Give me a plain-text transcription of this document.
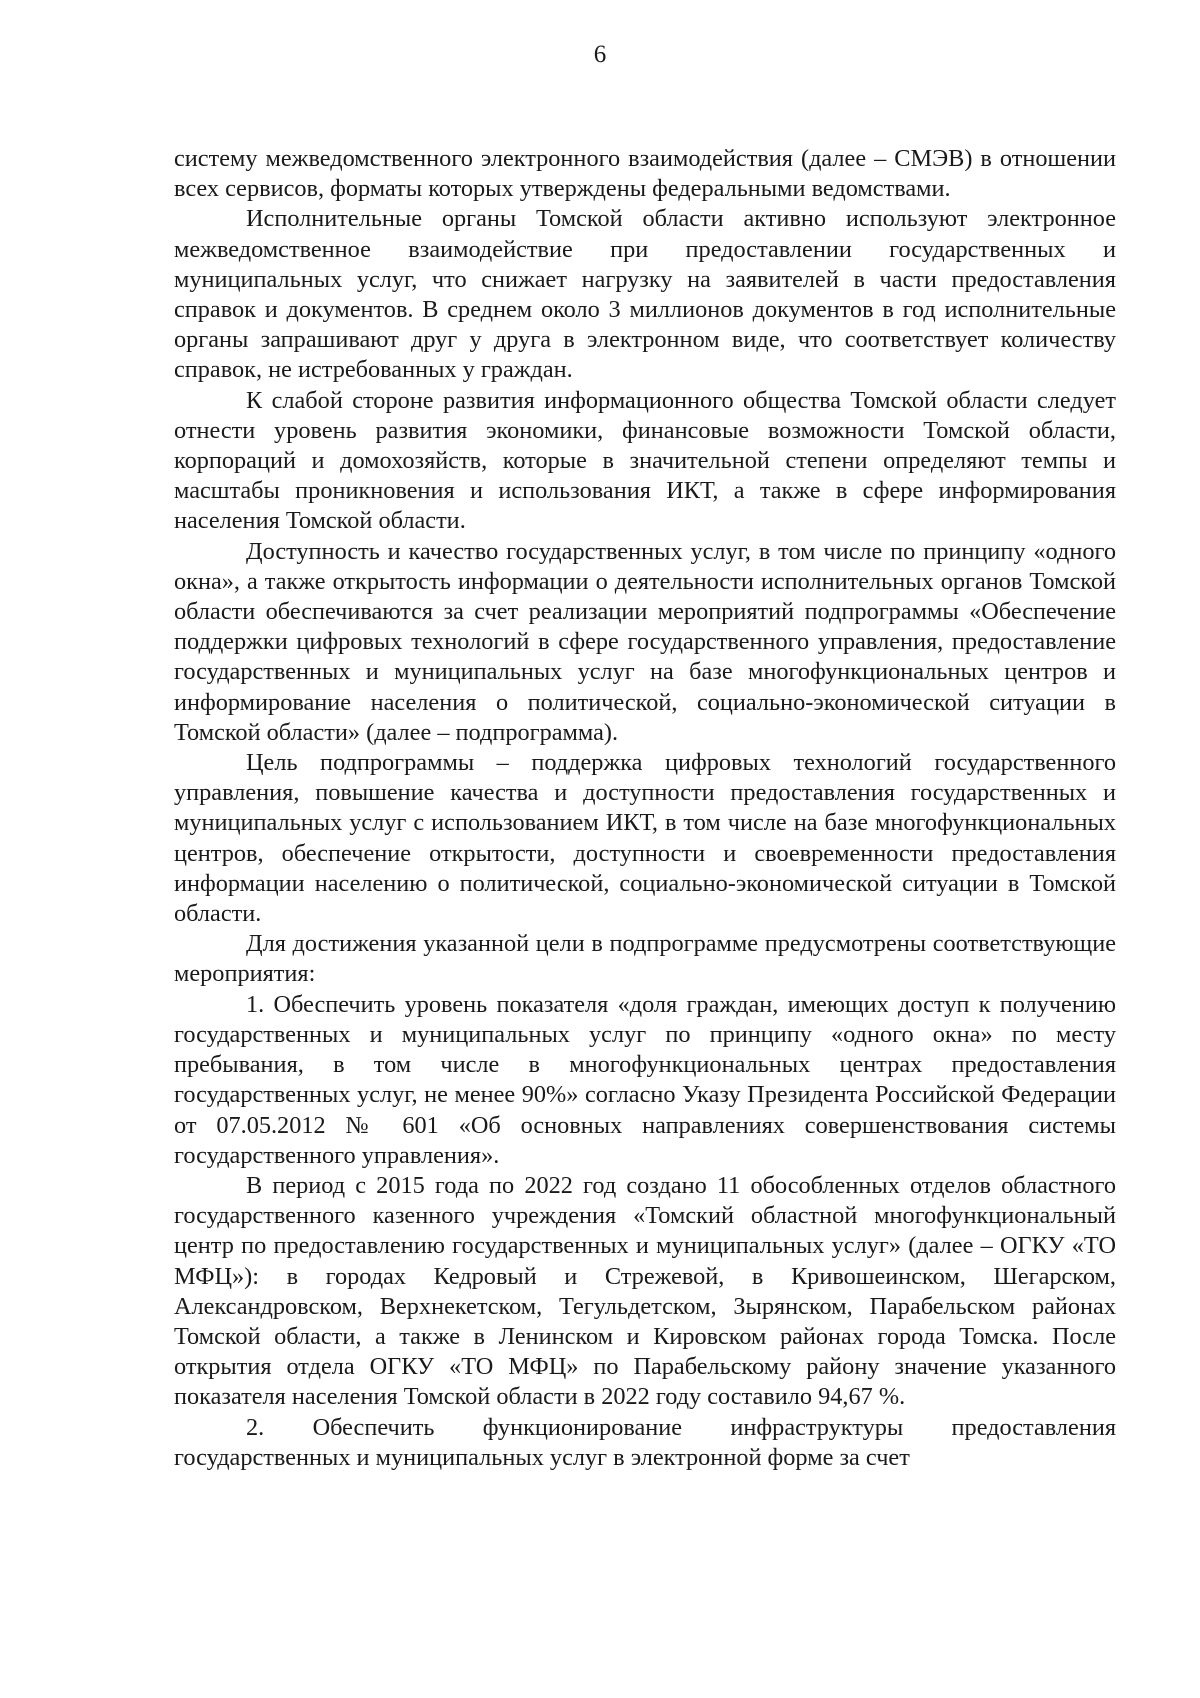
6

систему межведомственного электронного взаимодействия (далее – СМЭВ) в отношении всех сервисов, форматы которых утверждены федеральными ведомствами.

Исполнительные органы Томской области активно используют электронное межведомственное взаимодействие при предоставлении государственных и муниципальных услуг, что снижает нагрузку на заявителей в части предоставления справок и документов. В среднем около 3 миллионов документов в год исполнительные органы запрашивают друг у друга в электронном виде, что соответствует количеству справок, не истребованных у граждан.

К слабой стороне развития информационного общества Томской области следует отнести уровень развития экономики, финансовые возможности Томской области, корпораций и домохозяйств, которые в значительной степени определяют темпы и масштабы проникновения и использования ИКТ, а также в сфере информирования населения Томской области.

Доступность и качество государственных услуг, в том числе по принципу «одного окна», а также открытость информации о деятельности исполнительных органов Томской области обеспечиваются за счет реализации мероприятий подпрограммы «Обеспечение поддержки цифровых технологий в сфере государственного управления, предоставление государственных и муниципальных услуг на базе многофункциональных центров и информирование населения о политической, социально-экономической ситуации в Томской области» (далее – подпрограмма).

Цель подпрограммы – поддержка цифровых технологий государственного управления, повышение качества и доступности предоставления государственных и муниципальных услуг с использованием ИКТ, в том числе на базе многофункциональных центров, обеспечение открытости, доступности и своевременности предоставления информации населению о политической, социально-экономической ситуации в Томской области.

Для достижения указанной цели в подпрограмме предусмотрены соответствующие мероприятия:

1. Обеспечить уровень показателя «доля граждан, имеющих доступ к получению государственных и муниципальных услуг по принципу «одного окна» по месту пребывания, в том числе в многофункциональных центрах предоставления государственных услуг, не менее 90%» согласно Указу Президента Российской Федерации от 07.05.2012 № 601 «Об основных направлениях совершенствования системы государственного управления».

В период с 2015 года по 2022 год создано 11 обособленных отделов областного государственного казенного учреждения «Томский областной многофункциональный центр по предоставлению государственных и муниципальных услуг» (далее – ОГКУ «ТО МФЦ»): в городах Кедровый и Стрежевой, в Кривошеинском, Шегарском, Александровском, Верхнекетском, Тегульдетском, Зырянском, Парабельском районах Томской области, а также в Ленинском и Кировском районах города Томска. После открытия отдела ОГКУ «ТО МФЦ» по Парабельскому району значение указанного показателя населения Томской области в 2022 году составило 94,67 %.

2. Обеспечить функционирование инфраструктуры предоставления государственных и муниципальных услуг в электронной форме за счет
